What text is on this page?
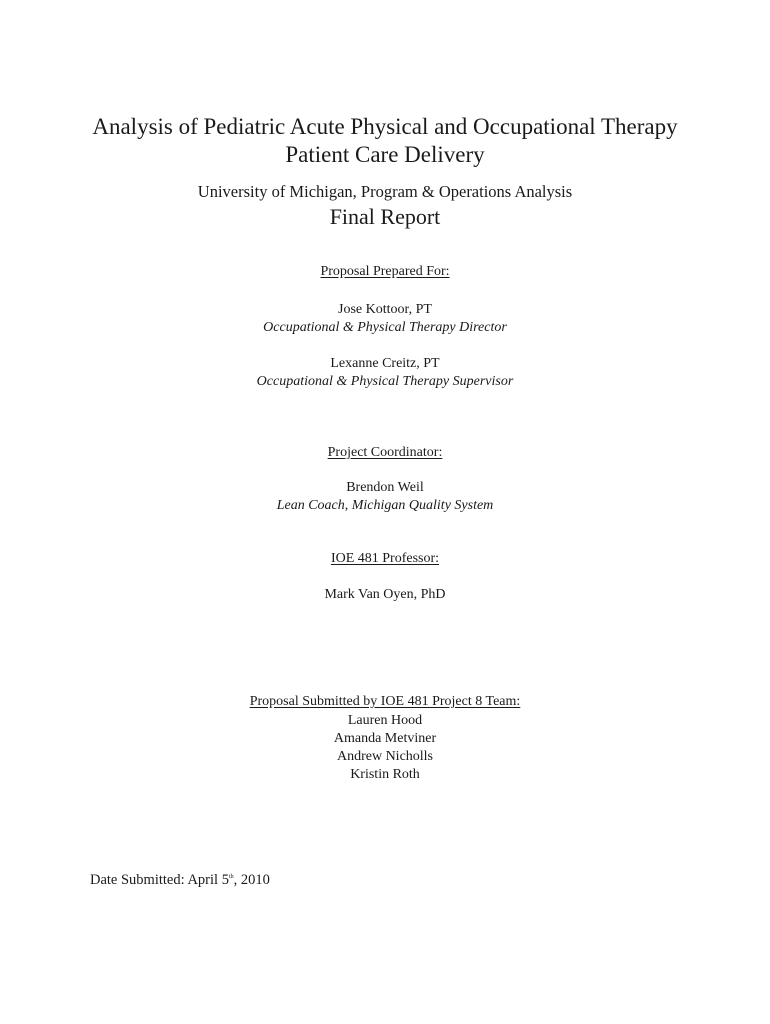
Analysis of Pediatric Acute Physical and Occupational Therapy
Patient Care Delivery
University of Michigan, Program & Operations Analysis
Final Report
Proposal Prepared For:
Jose Kottoor, PT
Occupational & Physical Therapy Director
Lexanne Creitz, PT
Occupational & Physical Therapy Supervisor
Project Coordinator:
Brendon Weil
Lean Coach, Michigan Quality System
IOE 481 Professor:
Mark Van Oyen, PhD
Proposal Submitted by IOE 481 Project 8 Team:
Lauren Hood
Amanda Metviner
Andrew Nicholls
Kristin Roth
Date Submitted: April 5th, 2010
